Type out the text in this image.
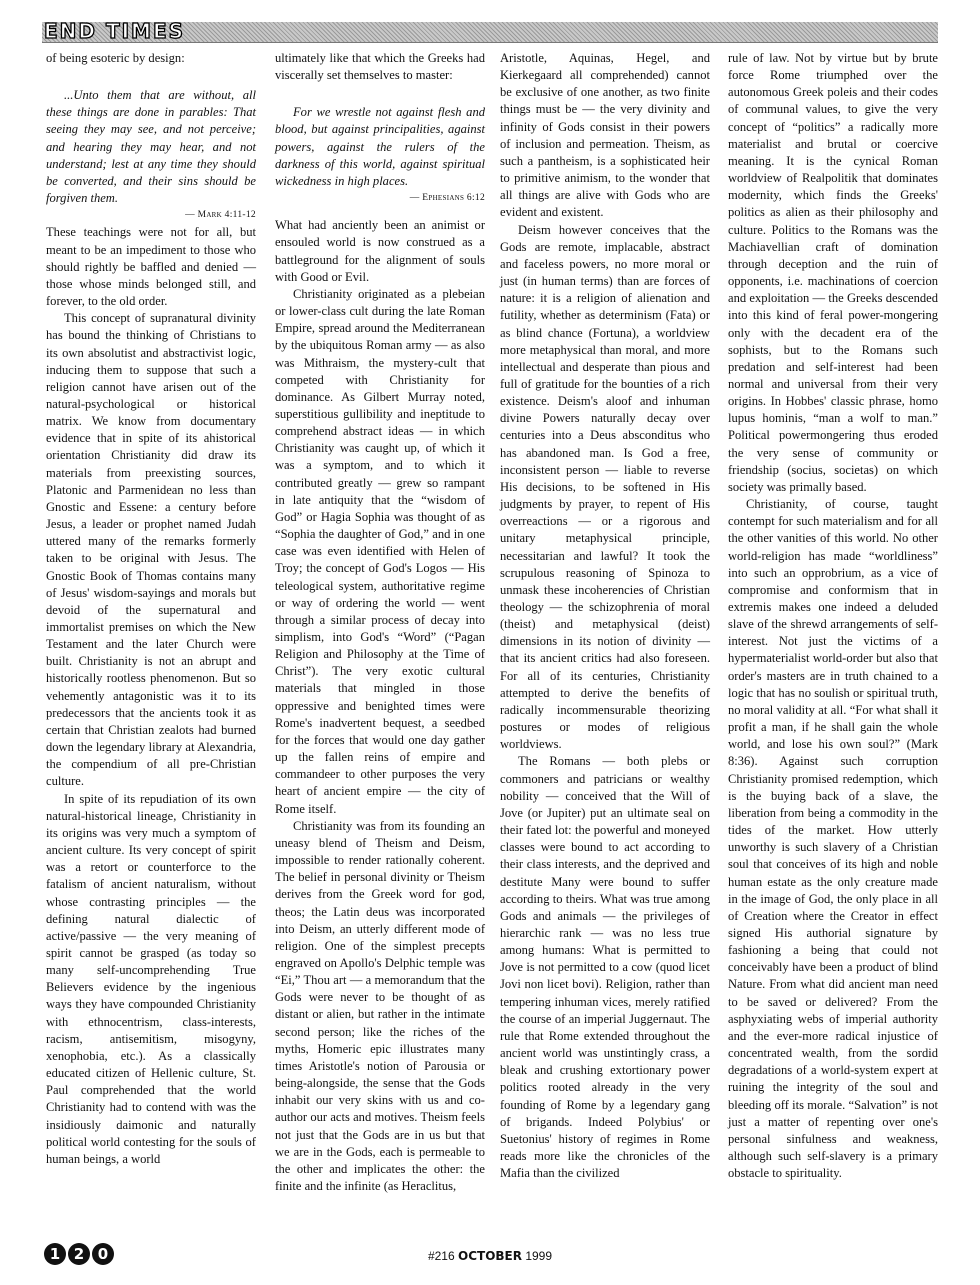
END TIMES

of being esoteric by design:

...Unto them that are without, all these things are done in parables: That seeing they may see, and not perceive; and hearing they may hear, and not understand; lest at any time they should be converted, and their sins should be forgiven them.

— Mark 4:11-12

These teachings were not for all, but meant to be an impediment to those who should rightly be baffled and denied — those whose minds belonged still, and forever, to the old order.

This concept of supranatural divinity has bound the thinking of Christians to its own absolutist and abstractivist logic, inducing them to suppose that such a religion cannot have arisen out of the natural-psychological or historical matrix. We know from documentary evidence that in spite of its ahistorical orientation Christianity did draw its materials from preexisting sources, Platonic and Parmenidean no less than Gnostic and Essene: a century before Jesus, a leader or prophet named Judah uttered many of the remarks formerly taken to be original with Jesus. The Gnostic Book of Thomas contains many of Jesus' wisdom-sayings and morals but devoid of the supernatural and immortalist premises on which the New Testament and the later Church were built. Christianity is not an abrupt and historically rootless phenomenon. But so vehemently antagonistic was it to its predecessors that the ancients took it as certain that Christian zealots had burned down the legendary library at Alexandria, the compendium of all pre-Christian culture.

In spite of its repudiation of its own natural-historical lineage, Christianity in its origins was very much a symptom of ancient culture. Its very concept of spirit was a retort or counterforce to the fatalism of ancient naturalism, without whose contrasting principles — the defining natural dialectic of active/passive — the very meaning of spirit cannot be grasped (as today so many self-uncomprehending True Believers evidence by the ingenious ways they have compounded Christianity with ethnocentrism, class-interests, racism, antisemitism, misogyny, xenophobia, etc.). As a classically educated citizen of Hellenic culture, St. Paul comprehended that the world Christianity had to contend with was the insidiously daimonic and naturally political world contesting for the souls of human beings, a world

ultimately like that which the Greeks had viscerally set themselves to master:

For we wrestle not against flesh and blood, but against principalities, against powers, against the rulers of the darkness of this world, against spiritual wickedness in high places.

— Ephesians 6:12

What had anciently been an animist or ensouled world is now construed as a battleground for the alignment of souls with Good or Evil.

Christianity originated as a plebeian or lower-class cult during the late Roman Empire, spread around the Mediterranean by the ubiquitous Roman army — as also was Mithraism, the mystery-cult that competed with Christianity for dominance. As Gilbert Murray noted, superstitious gullibility and ineptitude to comprehend abstract ideas — in which Christianity was caught up, of which it was a symptom, and to which it contributed greatly — grew so rampant in late antiquity that the “wisdom of God” or Hagia Sophia was thought of as “Sophia the daughter of God,” and in one case was even identified with Helen of Troy; the concept of God's Logos — His teleological system, authoritative regime or way of ordering the world — went through a similar process of decay into simplism, into God's “Word” (“Pagan Religion and Philosophy at the Time of Christ”). The very exotic cultural materials that mingled in those oppressive and benighted times were Rome's inadvertent bequest, a seedbed for the forces that would one day gather up the fallen reins of empire and commandeer to other purposes the very heart of ancient empire — the city of Rome itself.

Christianity was from its founding an uneasy blend of Theism and Deism, impossible to render rationally coherent. The belief in personal divinity or Theism derives from the Greek word for god, theos; the Latin deus was incorporated into Deism, an utterly different mode of religion. One of the simplest precepts engraved on Apollo's Delphic temple was “Ei,” Thou art — a memorandum that the Gods were never to be thought of as distant or alien, but rather in the intimate second person; like the riches of the myths, Homeric epic illustrates many times Aristotle's notion of Parousia or being-alongside, the sense that the Gods inhabit our very skins with us and co-author our acts and motives. Theism feels not just that the Gods are in us but that we are in the Gods, each is permeable to the other and implicates the other: the finite and the infinite (as Heraclitus,

Aristotle, Aquinas, Hegel, and Kierkegaard all comprehended) cannot be exclusive of one another, as two finite things must be — the very divinity and infinity of Gods consist in their powers of inclusion and permeation. Theism, as such a pantheism, is a sophisticated heir to primitive animism, to the wonder that all things are alive with Gods who are evident and existent.

Deism however conceives that the Gods are remote, implacable, abstract and faceless powers, no more moral or just (in human terms) than are forces of nature: it is a religion of alienation and futility, whether as determinism (Fata) or as blind chance (Fortuna), a worldview more metaphysical than moral, and more intellectual and desperate than pious and full of gratitude for the bounties of a rich existence. Deism's aloof and inhuman divine Powers naturally decay over centuries into a Deus absconditus who has abandoned man. Is God a free, inconsistent person — liable to reverse His decisions, to be softened in His judgments by prayer, to repent of His overreactions — or a rigorous and unitary metaphysical principle, necessitarian and lawful? It took the scrupulous reasoning of Spinoza to unmask these incoherencies of Christian theology — the schizophrenia of moral (theist) and metaphysical (deist) dimensions in its notion of divinity — that its ancient critics had also foreseen. For all of its centuries, Christianity attempted to derive the benefits of radically incommensurable theorizing postures or modes of religious worldviews.

The Romans — both plebs or commoners and patricians or wealthy nobility — conceived that the Will of Jove (or Jupiter) put an ultimate seal on their fated lot: the powerful and moneyed classes were bound to act according to their class interests, and the deprived and destitute Many were bound to suffer according to theirs. What was true among Gods and animals — the privileges of hierarchic rank — was no less true among humans: What is permitted to Jove is not permitted to a cow (quod licet Jovi non licet bovi). Religion, rather than tempering inhuman vices, merely ratified the course of an imperial Juggernaut. The rule that Rome extended throughout the ancient world was unstintingly crass, a bleak and crushing extortionary power politics rooted already in the very founding of Rome by a legendary gang of brigands. Indeed Polybius' or Suetonius' history of regimes in Rome reads more like the chronicles of the Mafia than the civilized

rule of law. Not by virtue but by brute force Rome triumphed over the autonomous Greek poleis and their codes of communal values, to give the very concept of “politics” a radically more materialist and brutal or coercive meaning. It is the cynical Roman worldview of Realpolitik that dominates modernity, which finds the Greeks' politics as alien as their philosophy and culture. Politics to the Romans was the Machiavellian craft of domination through deception and the ruin of opponents, i.e. machinations of coercion and exploitation — the Greeks descended into this kind of feral power-mongering only with the decadent era of the sophists, but to the Romans such predation and self-interest had been normal and universal from their very origins. In Hobbes' classic phrase, homo lupus hominis, “man a wolf to man.” Political powermongering thus eroded the very sense of community or friendship (socius, societas) on which society was primally based.

Christianity, of course, taught contempt for such materialism and for all the other vanities of this world. No other world-religion has made “worldliness” into such an opprobrium, as a vice of compromise and conformism that in extremis makes one indeed a deluded slave of the shrewd arrangements of self-interest. Not just the victims of a hypermaterialist world-order but also that order's masters are in truth chained to a logic that has no soulish or spiritual truth, no moral validity at all. “For what shall it profit a man, if he shall gain the whole world, and lose his own soul?” (Mark 8:36). Against such corruption Christianity promised redemption, which is the buying back of a slave, the liberation from being a commodity in the tides of the market. How utterly unworthy is such slavery of a Christian soul that conceives of its high and noble human estate as the only creature made in the image of God, the only place in all of Creation where the Creator in effect signed His authorial signature by fashioning a being that could not conceivably have been a product of blind Nature. From what did ancient man need to be saved or delivered? From the asphyxiating webs of imperial authority and the ever-more radical injustice of concentrated wealth, from the sordid degradations of a world-system expert at ruining the integrity of the soul and bleeding off its morale. “Salvation” is not just a matter of repenting over one's personal sinfulness and weakness, although such self-slavery is a primary obstacle to spirituality.

1 2 0	#216 OCTOBER 1999
